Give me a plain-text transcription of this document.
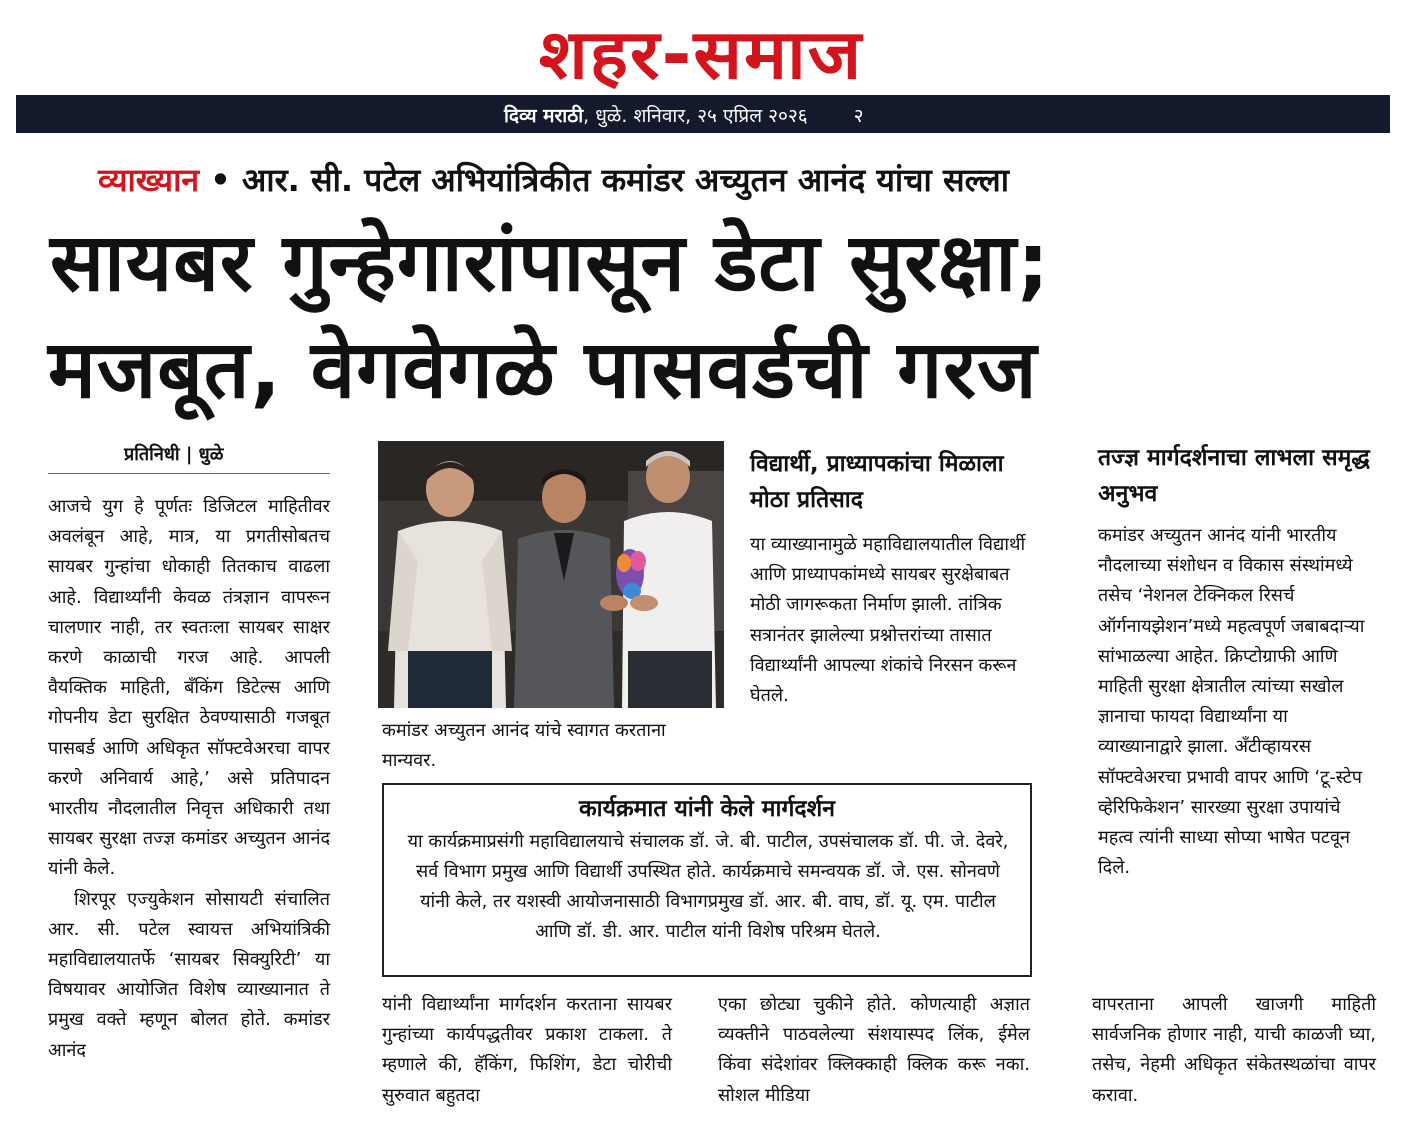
शहर-समाज
दिव्य मराठी, धुळे. शनिवार, २५ एप्रिल २०२६ २
व्याख्यान • आर. सी. पटेल अभियांत्रिकीत कमांडर अच्युतन आनंद यांचा सल्ला
सायबर गुन्हेगारांपासून डेटा सुरक्षा;
मजबूत, वेगवेगळे पासवर्डची गरज
प्रतिनिधी | धुळे

आजचे युग हे पूर्णतः डिजिटल माहितीवर अवलंबून आहे, मात्र, या प्रगतीसोबतच सायबर गुन्हांचा धोकाही तितकाच वाढला आहे. विद्यार्थ्यांनी केवळ तंत्रज्ञान वापरून चालणार नाही, तर स्वतःला सायबर साक्षर करणे काळाची गरज आहे. आपली वैयक्तिक माहिती, बँकिंग डिटेल्स आणि गोपनीय डेटा सुरक्षित ठेवण्यासाठी गजबूत पासबर्ड आणि अधिकृत सॉफ्टवेअरचा वापर करणे अनिवार्य आहे,’ असे प्रतिपादन भारतीय नौदलातील निवृत्त अधिकारी तथा सायबर सुरक्षा तज्ज्ञ कमांडर अच्युतन आनंद यांनी केले.

शिरपूर एज्युकेशन सोसायटी संचालित आर. सी. पटेल स्वायत्त अभियांत्रिकी महाविद्यालयातर्फे ‘सायबर सिक्युरिटी’ या विषयावर आयोजित विशेष व्याख्यानात ते प्रमुख वक्ते म्हणून बोलत होते. कमांडर आनंद

कमांडर अच्युतन आनंद यांचे स्वागत करताना मान्यवर.
विद्यार्थी, प्राध्यापकांचा मिळाला मोठा प्रतिसाद
या व्याख्यानामुळे महाविद्यालयातील विद्यार्थी आणि प्राध्यापकांमध्ये सायबर सुरक्षेबाबत मोठी जागरूकता निर्माण झाली. तांत्रिक सत्रानंतर झालेल्या प्रश्नोत्तरांच्या तासात विद्यार्थ्यांनी आपल्या शंकांचे निरसन करून घेतले.
तज्ज्ञ मार्गदर्शनाचा लाभला समृद्ध अनुभव
कमांडर अच्युतन आनंद यांनी भारतीय नौदलाच्या संशोधन व विकास संस्थांमध्ये तसेच ‘नेशनल टेक्निकल रिसर्च ऑर्गनायझेशन’मध्ये महत्वपूर्ण जबाबदाऱ्या सांभाळल्या आहेत. क्रिप्टोग्राफी आणि माहिती सुरक्षा क्षेत्रातील त्यांच्या सखोल ज्ञानाचा फायदा विद्यार्थ्यांना या व्याख्यानाद्वारे झाला. अँटीव्हायरस सॉफ्टवेअरचा प्रभावी वापर आणि ‘टू-स्टेप व्हेरिफिकेशन’ सारख्या सुरक्षा उपायांचे महत्व त्यांनी साध्या सोप्या भाषेत पटवून दिले.
कार्यक्रमात यांनी केले मार्गदर्शन
या कार्यक्रमाप्रसंगी महाविद्यालयाचे संचालक डॉ. जे. बी. पाटील, उपसंचालक डॉ. पी. जे. देवरे, सर्व विभाग प्रमुख आणि विद्यार्थी उपस्थित होते. कार्यक्रमाचे समन्वयक डॉ. जे. एस. सोनवणे यांनी केले, तर यशस्वी आयोजनासाठी विभागप्रमुख डॉ. आर. बी. वाघ, डॉ. यू. एम. पाटील आणि डॉ. डी. आर. पाटील यांनी विशेष परिश्रम घेतले.
यांनी विद्यार्थ्यांना मार्गदर्शन करताना सायबर गुन्हांच्या कार्यपद्धतीवर प्रकाश टाकला. ते म्हणाले की, हॅकिंग, फिशिंग, डेटा चोरीची सुरुवात बहुतदा
एका छोट्या चुकीने होते. कोणत्याही अज्ञात व्यक्तीने पाठवलेल्या संशयास्पद लिंक, ईमेल किंवा संदेशांवर क्लिक्काही क्लिक करू नका. सोशल मीडिया
वापरताना आपली खाजगी माहिती सार्वजनिक होणार नाही, याची काळजी घ्या, तसेच, नेहमी अधिकृत संकेतस्थळांचा वापर करावा.
